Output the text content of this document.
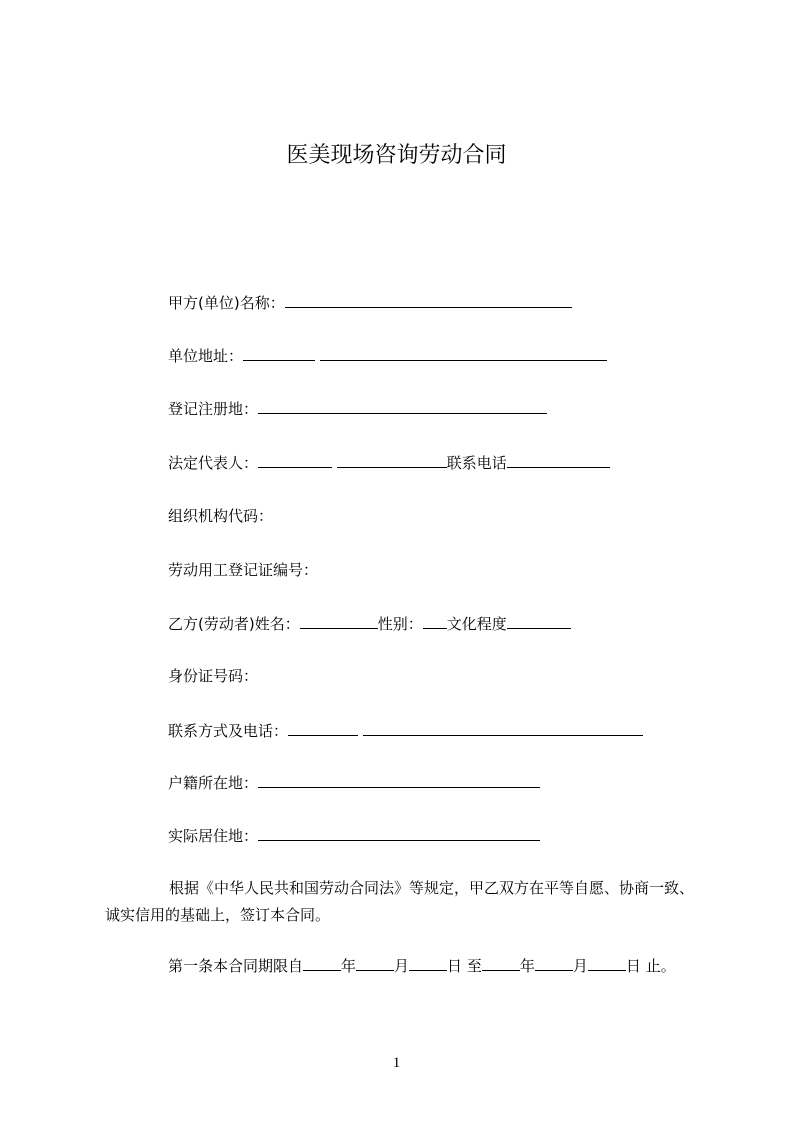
医美现场咨询劳动合同
甲方(单位)名称：
单位地址：
登记注册地：
法定代表人：	联系电话
组织机构代码：
劳动用工登记证编号：
乙方(劳动者)姓名：	性别： 文化程度
身份证号码：
联系方式及电话：
户籍所在地：
实际居住地：
根据《中华人民共和国劳动合同法》等规定，甲乙双方在平等自愿、协商一致、诚实信用的基础上，签订本合同。
第一条本合同期限自	年	月	日 至	年	月	日 止。
1
